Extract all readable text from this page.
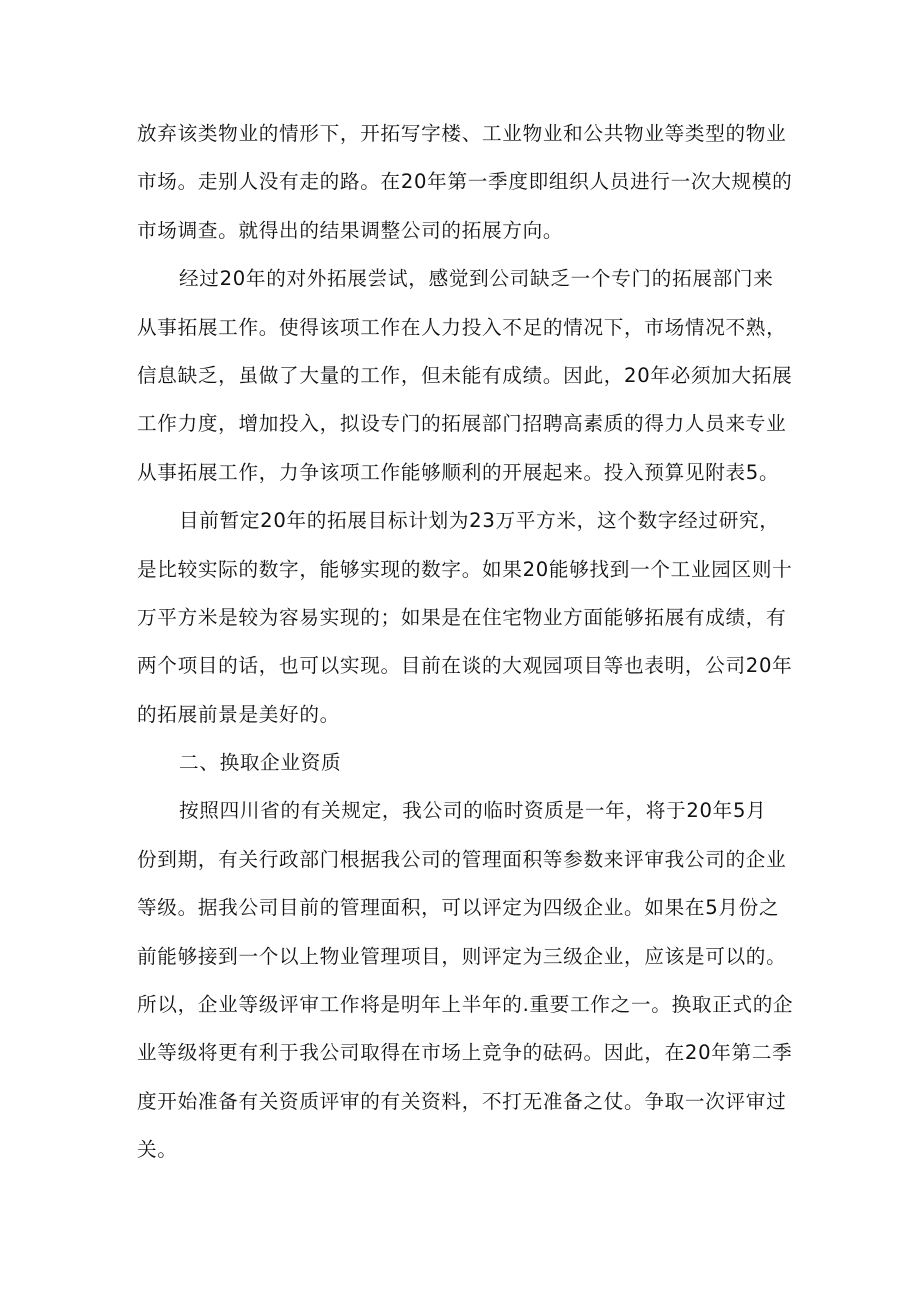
放弃该类物业的情形下，开拓写字楼、工业物业和公共物业等类型的物业
市场。走别人没有走的路。在20年第一季度即组织人员进行一次大规模的
市场调查。就得出的结果调整公司的拓展方向。
经过20年的对外拓展尝试，感觉到公司缺乏一个专门的拓展部门来
从事拓展工作。使得该项工作在人力投入不足的情况下，市场情况不熟，
信息缺乏，虽做了大量的工作，但未能有成绩。因此，20年必须加大拓展
工作力度，增加投入，拟设专门的拓展部门招聘高素质的得力人员来专业
从事拓展工作，力争该项工作能够顺利的开展起来。投入预算见附表5。
目前暂定20年的拓展目标计划为23万平方米，这个数字经过研究，
是比较实际的数字，能够实现的数字。如果20能够找到一个工业园区则十
万平方米是较为容易实现的；如果是在住宅物业方面能够拓展有成绩，有
两个项目的话，也可以实现。目前在谈的大观园项目等也表明，公司20年
的拓展前景是美好的。
二、换取企业资质
按照四川省的有关规定，我公司的临时资质是一年，将于20年5月
份到期，有关行政部门根据我公司的管理面积等参数来评审我公司的企业
等级。据我公司目前的管理面积，可以评定为四级企业。如果在5月份之
前能够接到一个以上物业管理项目，则评定为三级企业，应该是可以的。
所以，企业等级评审工作将是明年上半年的.重要工作之一。换取正式的企
业等级将更有利于我公司取得在市场上竞争的砝码。因此，在20年第二季
度开始准备有关资质评审的有关资料，不打无准备之仗。争取一次评审过
关。
